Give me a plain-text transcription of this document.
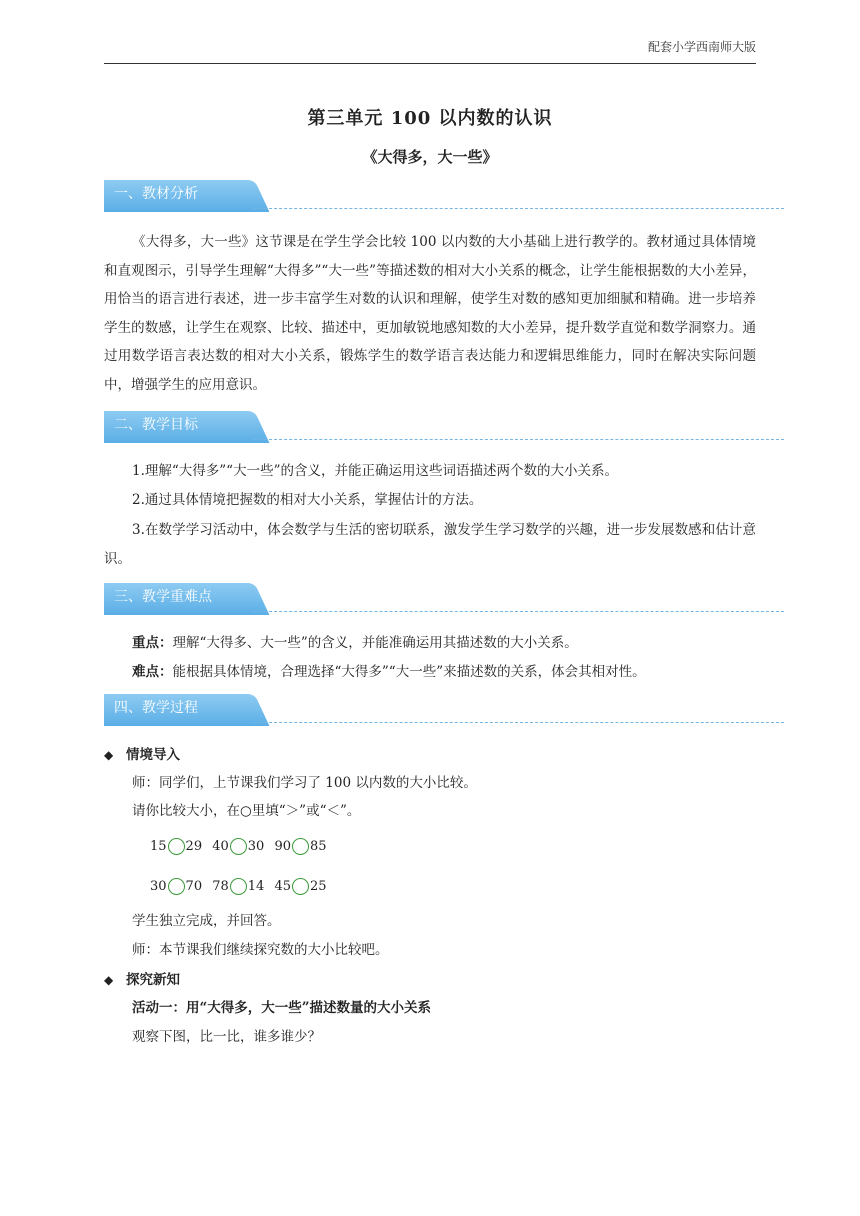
配套小学西南师大版
第三单元 100 以内数的认识
《大得多，大一些》
一、教材分析
《大得多，大一些》这节课是在学生学会比较 100 以内数的大小基础上进行教学的。教材通过具体情境和直观图示，引导学生理解“大得多”“大一些”等描述数的相对大小关系的概念，让学生能根据数的大小差异，用恰当的语言进行表述，进一步丰富学生对数的认识和理解，使学生对数的感知更加细腻和精确。进一步培养学生的数感，让学生在观察、比较、描述中，更加敏锐地感知数的大小差异，提升数学直觉和数学洞察力。通过用数学语言表达数的相对大小关系，锻炼学生的数学语言表达能力和逻辑思维能力，同时在解决实际问题中，增强学生的应用意识。
二、教学目标
1.理解“大得多”“大一些”的含义，并能正确运用这些词语描述两个数的大小关系。
2.通过具体情境把握数的相对大小关系，掌握估计的方法。
3.在数学学习活动中，体会数学与生活的密切联系，激发学生学习数学的兴趣，进一步发展数感和估计意识。
三、教学重难点
重点：理解“大得多、大一些”的含义，并能准确运用其描述数的大小关系。
难点：能根据具体情境，合理选择“大得多”“大一些”来描述数的关系，体会其相对性。
四、教学过程
◆ 情境导入
师：同学们，上节课我们学习了 100 以内数的大小比较。
请你比较大小，在○里填“＞”或“＜”。
15 29
40 30
90 85
30 70
78 14
45 25
学生独立完成，并回答。
师：本节课我们继续探究数的大小比较吧。
◆ 探究新知
活动一：用“大得多，大一些”描述数量的大小关系
观察下图，比一比，谁多谁少？
